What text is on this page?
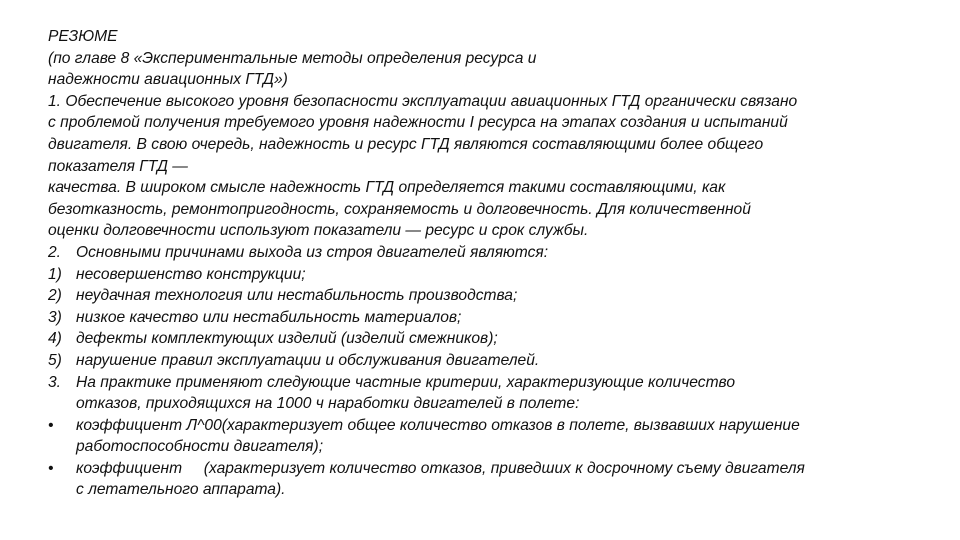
РЕЗЮМЕ
(по главе 8 «Экспериментальные методы определения ресурса и
надежности авиационных ГТД»)
1. Обеспечение высокого уровня безопасности эксплуатации авиационных ГТД органически связано
с проблемой получения требуемого уровня надежности I ресурса на этапах создания и испытаний
двигателя. В свою очередь, надежность и ресурс ГТД являются составляющими более общего
показателя ГТД —
качества. В широком смысле надежность ГТД определяется такими составляющими, как
безотказность, ремонтопригодность, сохраняемость и долговечность. Для количественной
оценки долговечности используют показатели — ресурс и срок службы.
2. Основными причинами выхода из строя двигателей являются:
1) несовершенство конструкции;
2) неудачная технология или нестабильность производства;
3) низкое качество или нестабильность материалов;
4) дефекты комплектующих изделий (изделий смежников);
5) нарушение правил эксплуатации и обслуживания двигателей.
3. На практике применяют следующие частные критерии, характеризующие количество
отказов, приходящихся на 1000 ч наработки двигателей в полете:
•	коэффициент Л^00(характеризует общее количество отказов в полете, вызвавших нарушение
работоспособности двигателя);
•	коэффициент     (характеризует количество отказов, приведших к досрочному съему двигателя
с летательного аппарата).
